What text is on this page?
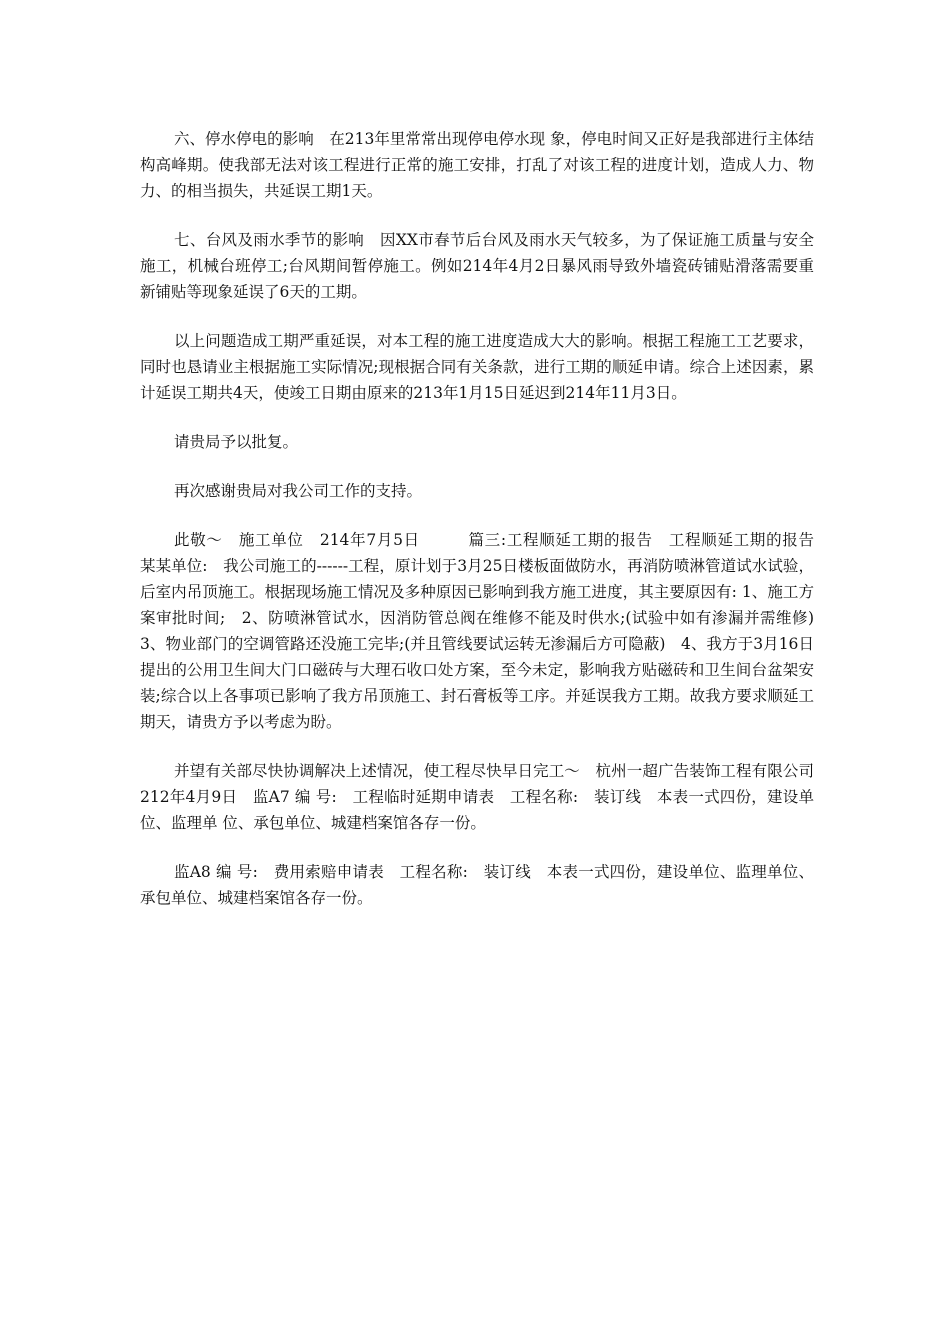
六、停水停电的影响　在213年里常常出现停电停水现 象，停电时间又正好是我部进行主体结构高峰期。使我部无法对该工程进行正常的施工安排，打乱了对该工程的进度计划，造成人力、物力、的相当损失，共延误工期1天。

七、台风及雨水季节的影响　因XX市春节后台风及雨水天气较多，为了保证施工质量与安全施工，机械台班停工;台风期间暂停施工。例如214年4月2日暴风雨导致外墙瓷砖铺贴滑落需要重新铺贴等现象延误了6天的工期。

以上问题造成工期严重延误，对本工程的施工进度造成大大的影响。根据工程施工工艺要求，同时也恳请业主根据施工实际情况;现根据合同有关条款，进行工期的顺延申请。综合上述因素，累计延误工期共4天，使竣工日期由原来的213年1月15日延迟到214年11月3日。

请贵局予以批复。

再次感谢贵局对我公司工作的支持。

此敬～　施工单位　214年7月5日　　　篇三:工程顺延工期的报告　工程顺延工期的报告　某某单位:　我公司施工的------工程，原计划于3月25日楼板面做防水，再消防喷淋管道试水试验，后室内吊顶施工。根据现场施工情况及多种原因已影响到我方施工进度，其主要原因有: 1、施工方案审批时间;　2、防喷淋管试水，因消防管总阀在维修不能及时供水;(试验中如有渗漏并需维修)　3、物业部门的空调管路还没施工完毕;(并且管线要试运转无渗漏后方可隐蔽)　4、我方于3月16日提出的公用卫生间大门口磁砖与大理石收口处方案，至今未定，影响我方贴磁砖和卫生间台盆架安装;综合以上各事项已影响了我方吊顶施工、封石膏板等工序。并延误我方工期。故我方要求顺延工期天，请贵方予以考虑为盼。

并望有关部尽快协调解决上述情况，使工程尽快早日完工～　杭州一超广告装饰工程有限公司 212年4月9日　监A7 编 号:　工程临时延期申请表　工程名称:　装订线　本表一式四份，建设单位、监理单 位、承包单位、城建档案馆各存一份。

监A8 编 号:　费用索赔申请表　工程名称:　装订线　本表一式四份，建设单位、监理单位、承包单位、城建档案馆各存一份。
